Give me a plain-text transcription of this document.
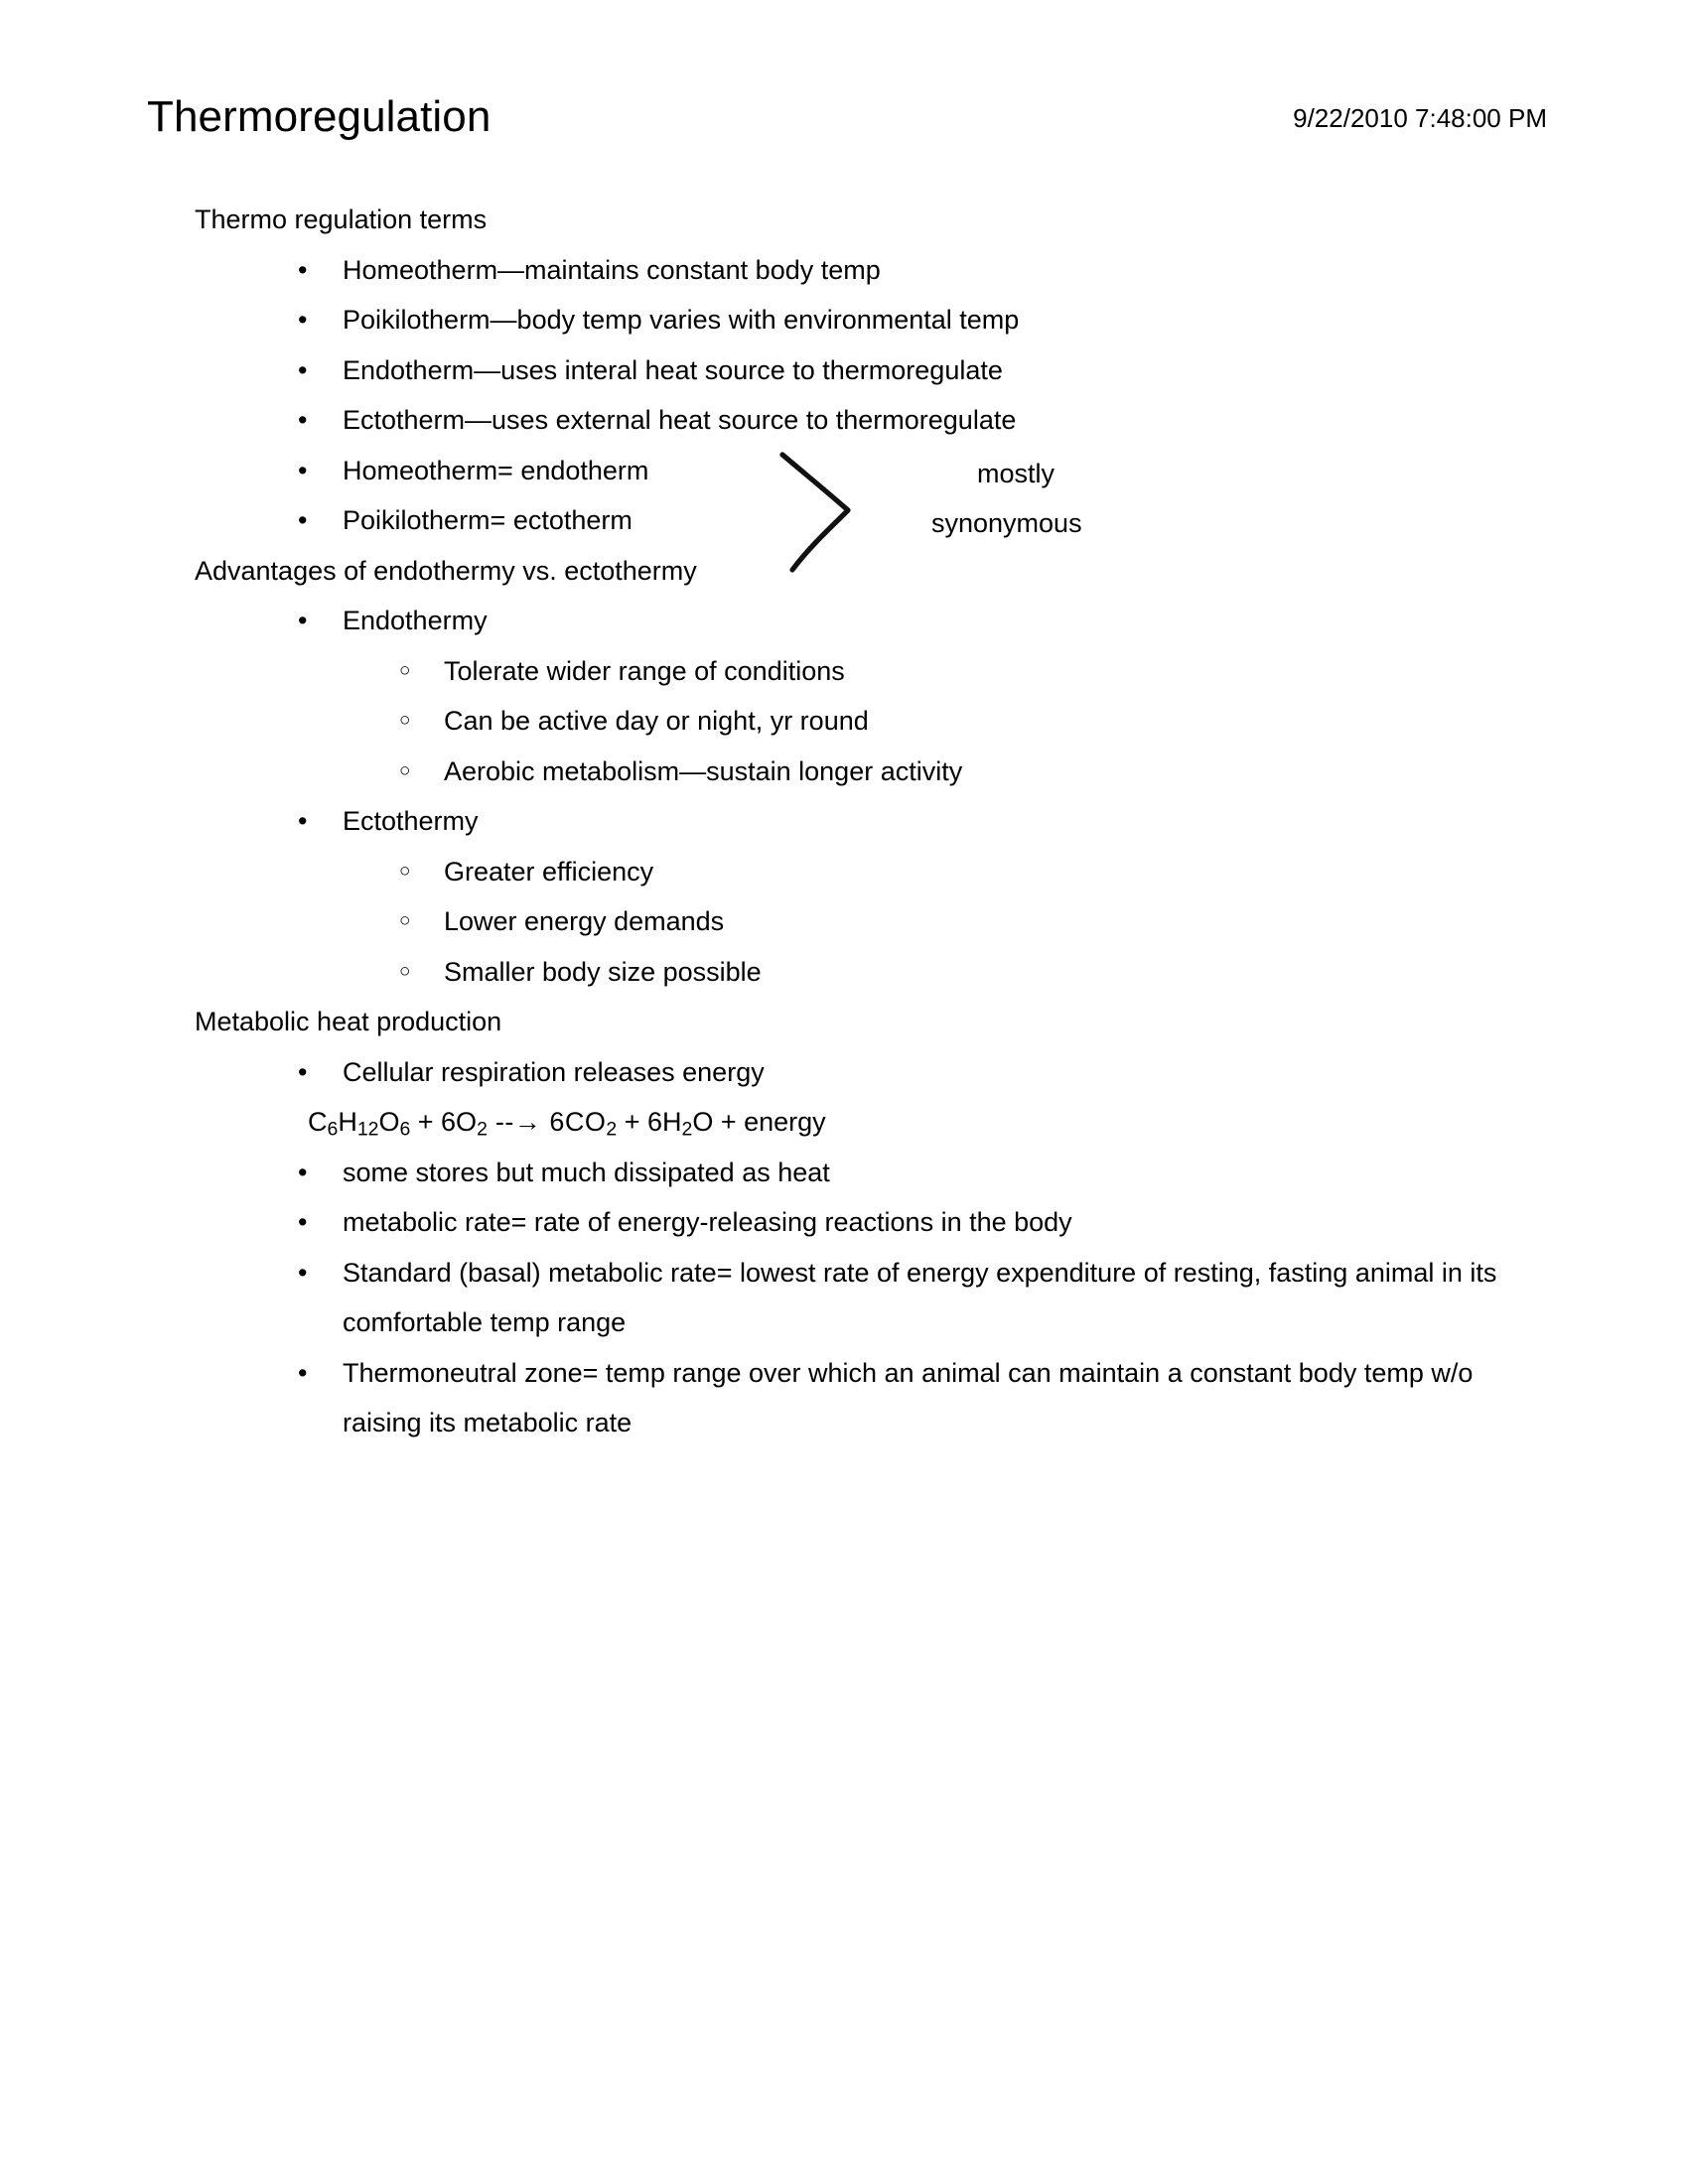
Thermoregulation	9/22/2010 7:48:00 PM
Thermo regulation terms
•	Homeotherm—maintains constant body temp
•	Poikilotherm—body temp varies with environmental temp
•	Endotherm—uses interal heat source to thermoregulate
•	Ectotherm—uses external heat source to thermoregulate
•	Homeotherm= endotherm
•	Poikilotherm= ectotherm
Advantages of endothermy vs. ectothermy
•	Endothermy
○	Tolerate wider range of conditions
○	Can be active day or night, yr round
○	Aerobic metabolism—sustain longer activity
•	Ectothermy
○	Greater efficiency
○	Lower energy demands
○	Smaller body size possible
Metabolic heat production
•	Cellular respiration releases energy
$C_6H_{12}O_6 + 6O_2$ --→ $6CO_2 + 6H_2O$ + energy
•	some stores but much dissipated as heat
•	metabolic rate= rate of energy-releasing reactions in the body
•	Standard (basal) metabolic rate= lowest rate of energy expenditure of resting, fasting animal in its comfortable temp range
•	Thermoneutral zone= temp range over which an animal can maintain a constant body temp w/o raising its metabolic rate
mostly
synonymous
